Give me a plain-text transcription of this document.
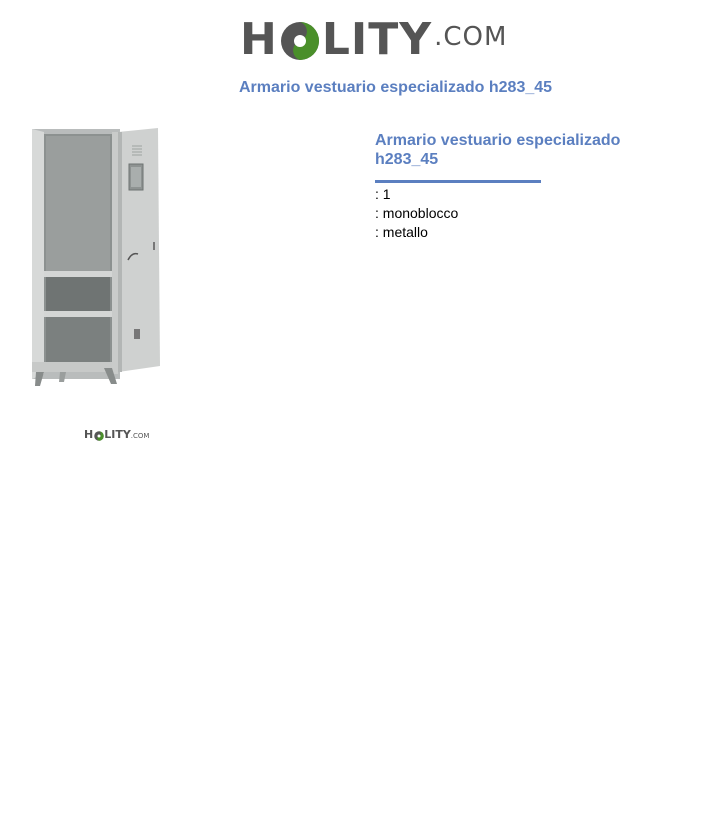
H LITY .COM
Armario vestuario especializado h283_45
H LITY .COM
Armario vestuario especializado h283_45
: 1
: monoblocco
: metallo
